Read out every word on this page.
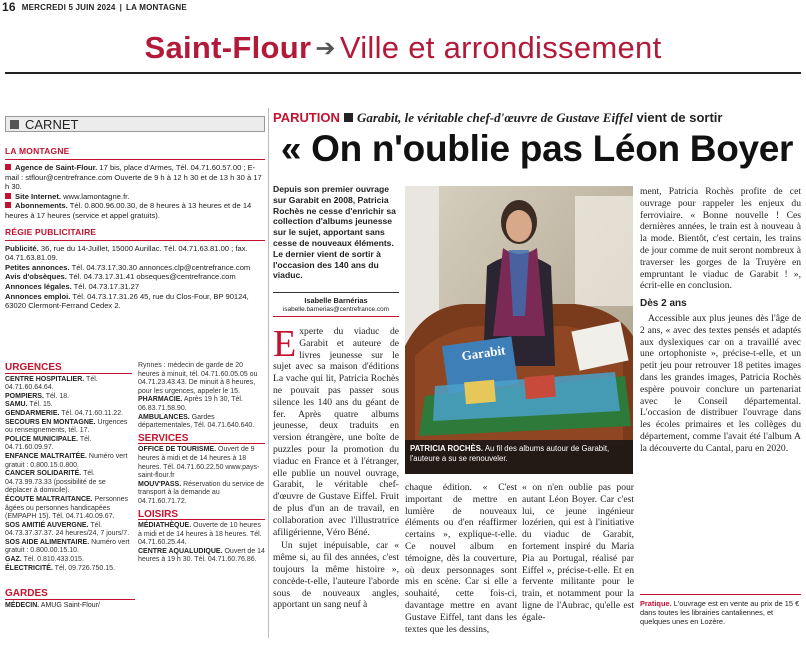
16 MERCREDI 5 JUIN 2024 | LA MONTAGNE
Saint-Flour ➔ Ville et arrondissement
CARNET
LA MONTAGNE
Agence de Saint-Flour. 17 bis, place d'Armes, Tél. 04.71.60.57.00 ; E-mail : stflour@centrefrance.com Ouverte de 9 h à 12 h 30 et de 13 h 30 à 17 h 30.
Site Internet. www.lamontagne.fr.
Abonnements. Tél. 0.800.96.00.30, de 8 heures à 13 heures et de 14 heures à 17 heures (service et appel gratuits).
RÉGIE PUBLICITAIRE
Publicité. 36, rue du 14-Juillet, 15000 Aurillac. Tél. 04.71.63.81.00 ; fax. 04.71.63.81.09.
Petites annonces. Tél. 04.73.17.30.30 annonces.clp@centrefrance.com
Avis d'obsèques. Tél. 04.73.17.31.41 obseques@centrefrance.com
Annonces légales. Tél. 04.73.17.31.27
Annonces emploi. Tél. 04.73.17.31.26 45, rue du Clos-Four, BP 90124, 63020 Clermont-Ferrand Cedex 2.
URGENCES
CENTRE HOSPITALIER. Tél. 04.71.60.64.64.
POMPIERS. Tél. 18.
SAMU. Tél. 15.
GENDARMERIE. Tél. 04.71.60.11.22.
SECOURS EN MONTAGNE. Urgences ou renseignements, tél. 17.
POLICE MUNICIPALE. Tél. 04.71.60.09.97.
ENFANCE MALTRAITÉE. Numéro vert gratuit : 0.800.15.0.800.
CANCER SOLIDARITÉ. Tél. 04.73.99.73.33 (possibilité de se déplacer à domicile).
ÉCOUTE MALTRAITANCE. Personnes âgées ou personnes handicapées (EMPAPH 15). Tél. 04.71.40.09.67.
SOS AMITIÉ AUVERGNE. Tél. 04.73.37.37.37. 24 heures/24, 7 jours/7.
SOS AIDE ALIMENTAIRE. Numéro vert gratuit : 0.800.00.15.10.
GAZ. Tél. 0.810.433.015.
ÉLECTRICITÉ. Tél. 09.726.750.15.
Rynnes : médecin de garde de 20 heures à minuit, tél. 04.71.60.05.05 ou 04.71.23.43.43. De minuit à 8 heures, pour les urgences, appeler le 15.
PHARMACIE. Après 19 h 30, Tél. 06.83.71.58.90.
AMBULANCES. Gardes départementales, Tél. 04.71.640.640.
SERVICES
OFFICE DE TOURISME. Ouvert de 9 heures à midi et de 14 heures à 18 heures. Tél. 04.71.60.22.50 www.pays-saint-flour.fr
MOUV'PASS. Réservation du service de transport à la demande au 04.71.60.71.72.
LOISIRS
MÉDIATHÈQUE. Ouverte de 10 heures à midi et de 14 heures à 18 heures. Tél. 04.71.60.25.44.
CENTRE AQUALUDIQUE. Ouvert de 14 heures à 19 h 30. Tél. 04.71.60.76.86.
GARDES
MÉDECIN. AMUG Saint-Flour/
PARUTION Garabit, le véritable chef-d'œuvre de Gustave Eiffel vient de sortir
« On n'oublie pas Léon Boyer
Depuis son premier ouvrage sur Garabit en 2008, Patricia Rochès ne cesse d'enrichir sa collection d'albums jeunesse sur le sujet, apportant sans cesse de nouveaux éléments. Le dernier vient de sortir à l'occasion des 140 ans du viaduc.
Isabelle Barnérias
isabelle.barnerias@centrefrance.com
Experte du viaduc de Garabit et auteure de livres jeunesse sur le sujet avec sa maison d'éditions La vache qui lit, Patricia Rochès ne pouvait pas passer sous silence les 140 ans du géant de fer. Après quatre albums jeunesse, deux traduits en version étrangère, une boîte de puzzles pour la promotion du viaduc en France et à l'étranger, elle publie un nouvel ouvrage, Garabit, le véritable chef-d'œuvre de Gustave Eiffel. Fruit de plus d'un an de travail, en collaboration avec l'illustratrice afiligérienne, Véro Béné.
Un sujet inépuisable, car « même si, au fil des années, c'est toujours la même histoire », concède-t-elle, l'auteure l'aborde sous de nouveaux angles, apportant un sang neuf à
Garabit
PATRICIA ROCHÈS. Au fil des albums autour de Garabit, l'auteure a su se renouveler.
chaque édition. « C'est important de mettre en lumière de nouveaux éléments ou d'en réaffirmer certains », explique-t-elle. Ce nouvel album en témoigne, dès la couverture, où deux personnages sont mis en scène. Car si elle a souhaité, cette fois-ci, davantage mettre en avant Gustave Eiffel, tant dans les textes que les dessins,
« on n'en oublie pas pour autant Léon Boyer. Car c'est lui, ce jeune ingénieur lozérien, qui est à l'initiative du viaduc de Garabit, fortement inspiré du Maria Pia au Portugal, réalisé par Eiffel », précise-t-elle. Et en fervente militante pour le train, et notamment pour la ligne de l'Aubrac, qu'elle est égale-
ment, Patricia Rochès profite de cet ouvrage pour rappeler les enjeux du ferroviaire. « Bonne nouvelle ! Ces dernières années, le train est à nouveau à la mode. Bientôt, c'est certain, les trains de jour comme de nuit seront nombreux à traverser les gorges de la Truyère en empruntant le viaduc de Garabit ! », écrit-elle en conclusion.
Dès 2 ans
Accessible aux plus jeunes dès l'âge de 2 ans, « avec des textes pensés et adaptés aux dyslexiques car on a travaillé avec une ortophoniste », précise-t-elle, et un petit jeu pour retrouver 18 petites images dans les grandes images, Patricia Rochès espère pouvoir conclure un partenariat avec le Conseil départemental. L'occasion de distribuer l'ouvrage dans les écoles primaires et les collèges du département, comme l'avait été l'album A la découverte du Cantal, paru en 2020.
Pratique. L'ouvrage est en vente au prix de 15 € dans toutes les librairies cantaliennes, et quelques unes en Lozère.
